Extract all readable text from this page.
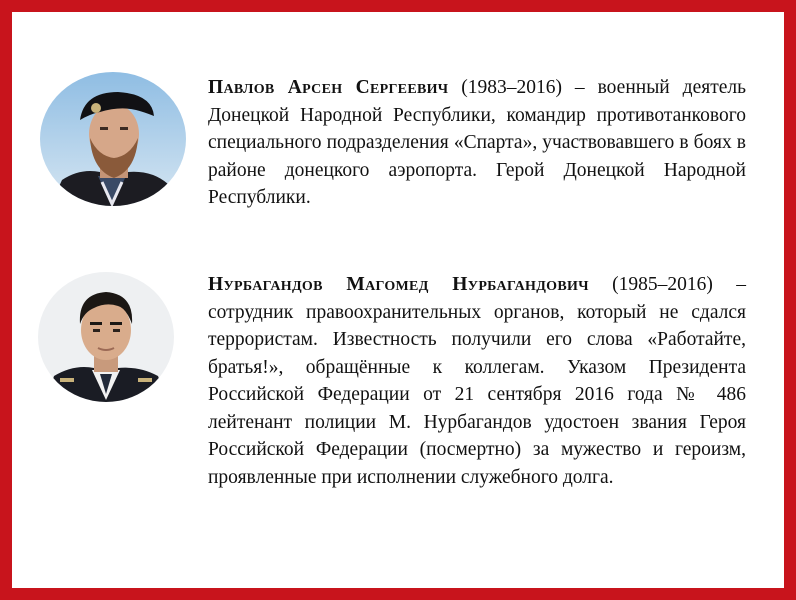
Павлов Арсен Сергеевич (1983–2016) – военный деятель Донецкой Народной Республики, командир противотанкового специального подразделения «Спарта», участвовавшего в боях в районе донецкого аэропорта. Герой Донецкой Народной Республики.

Нурбагандов Магомед Нурбагандович (1985–2016) – сотрудник правоохранительных органов, который не сдался террористам. Известность получили его слова «Работайте, братья!», обращённые к коллегам. Указом Президента Российской Федерации от 21 сентября 2016 года № 486 лейтенант полиции М. Нурбагандов удостоен звания Героя Российской Федерации (посмертно) за мужество и героизм, проявленные при исполнении служебного долга.
